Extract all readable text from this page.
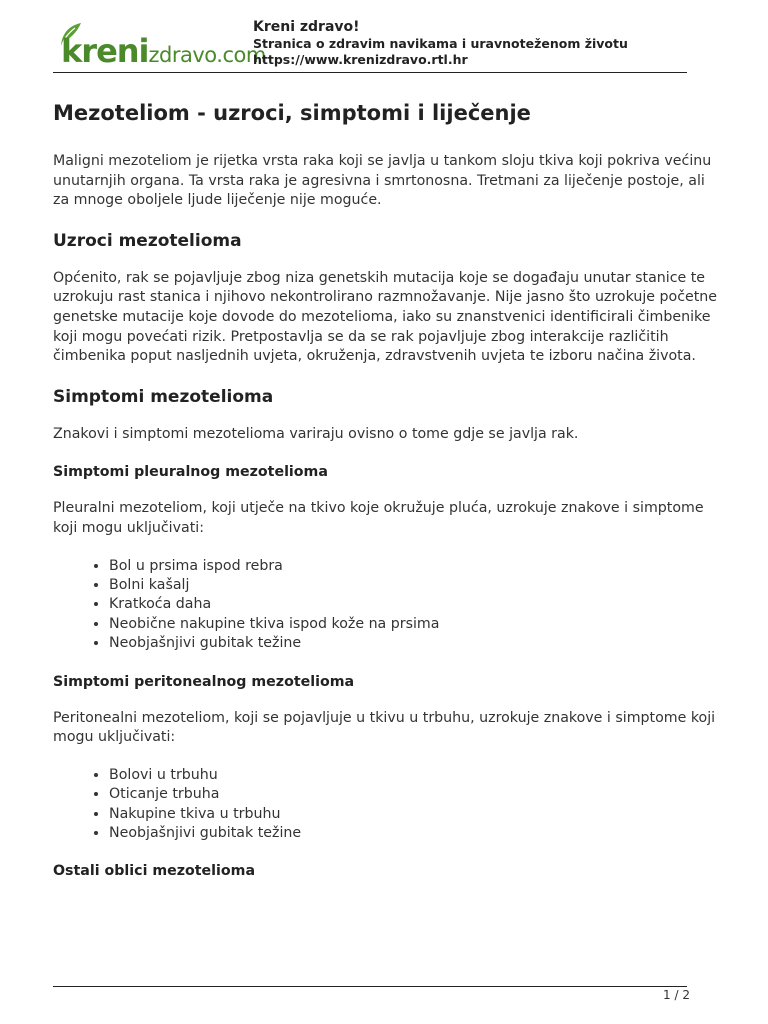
krenizdravo.com
Kreni zdravo!
Stranica o zdravim navikama i uravnoteženom životu
https://www.krenizdravo.rtl.hr
Mezoteliom - uzroci, simptomi i liječenje

Maligni mezoteliom je rijetka vrsta raka koji se javlja u tankom sloju tkiva koji pokriva većinu unutarnjih organa. Ta vrsta raka je agresivna i smrtonosna. Tretmani za liječenje postoje, ali za mnoge oboljele ljude liječenje nije moguće.

Uzroci mezotelioma

Općenito, rak se pojavljuje zbog niza genetskih mutacija koje se događaju unutar stanice te uzrokuju rast stanica i njihovo nekontrolirano razmnožavanje. Nije jasno što uzrokuje početne genetske mutacije koje dovode do mezotelioma, iako su znanstvenici identificirali čimbenike koji mogu povećati rizik. Pretpostavlja se da se rak pojavljuje zbog interakcije različitih čimbenika poput nasljednih uvjeta, okruženja, zdravstvenih uvjeta te izboru načina života.

Simptomi mezotelioma

Znakovi i simptomi mezotelioma variraju ovisno o tome gdje se javlja rak.

Simptomi pleuralnog mezotelioma

Pleuralni mezoteliom, koji utječe na tkivo koje okružuje pluća, uzrokuje znakove i simptome koji mogu uključivati:

• Bol u prsima ispod rebra
• Bolni kašalj
• Kratkoća daha
• Neobične nakupine tkiva ispod kože na prsima
• Neobjašnjivi gubitak težine
Simptomi peritonealnog mezotelioma

Peritonealni mezoteliom, koji se pojavljuje u tkivu u trbuhu, uzrokuje znakove i simptome koji mogu uključivati:

• Bolovi u trbuhu
• Oticanje trbuha
• Nakupine tkiva u trbuhu
• Neobjašnjivi gubitak težine
Ostali oblici mezotelioma
1 / 2
